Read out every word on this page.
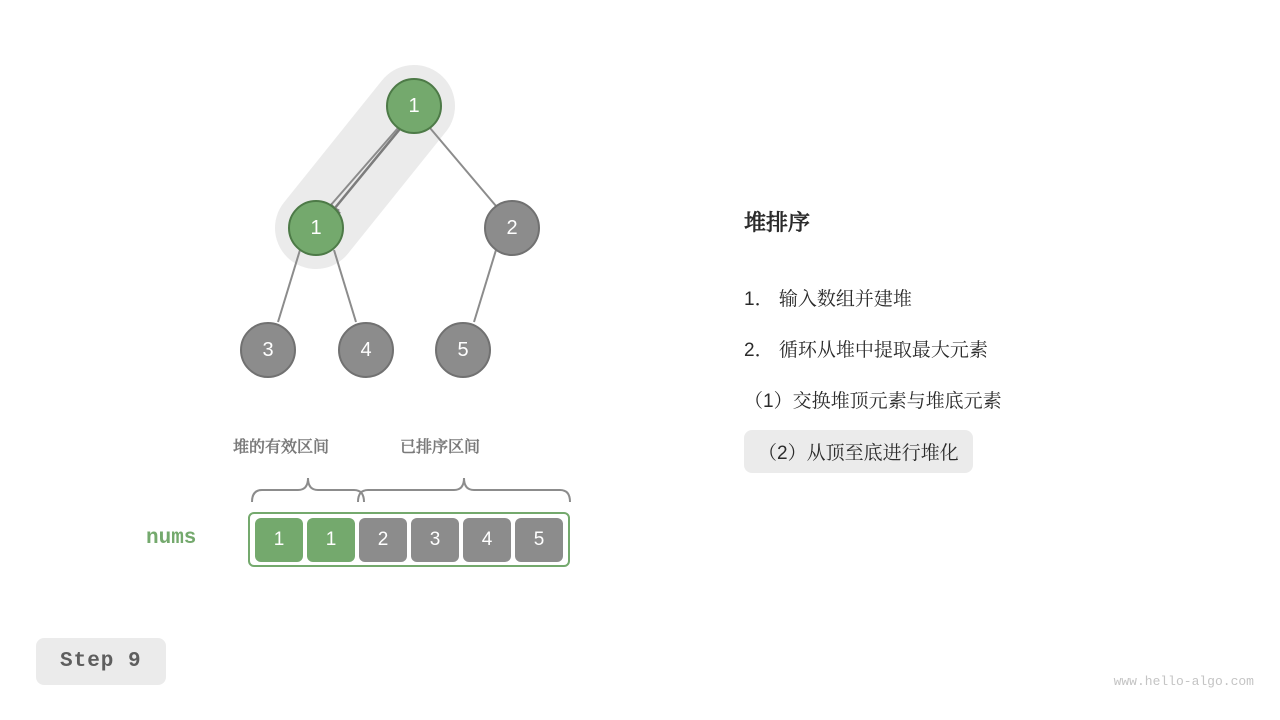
1
1	2
3	4	5
堆的有效区间	已排序区间
nums	1 1 2 3 4 5
堆排序
1． 输入数组并建堆
2． 循环从堆中提取最大元素
（1）交换堆顶元素与堆底元素
（2）从顶至底进行堆化
Step 9
www.hello-algo.com
